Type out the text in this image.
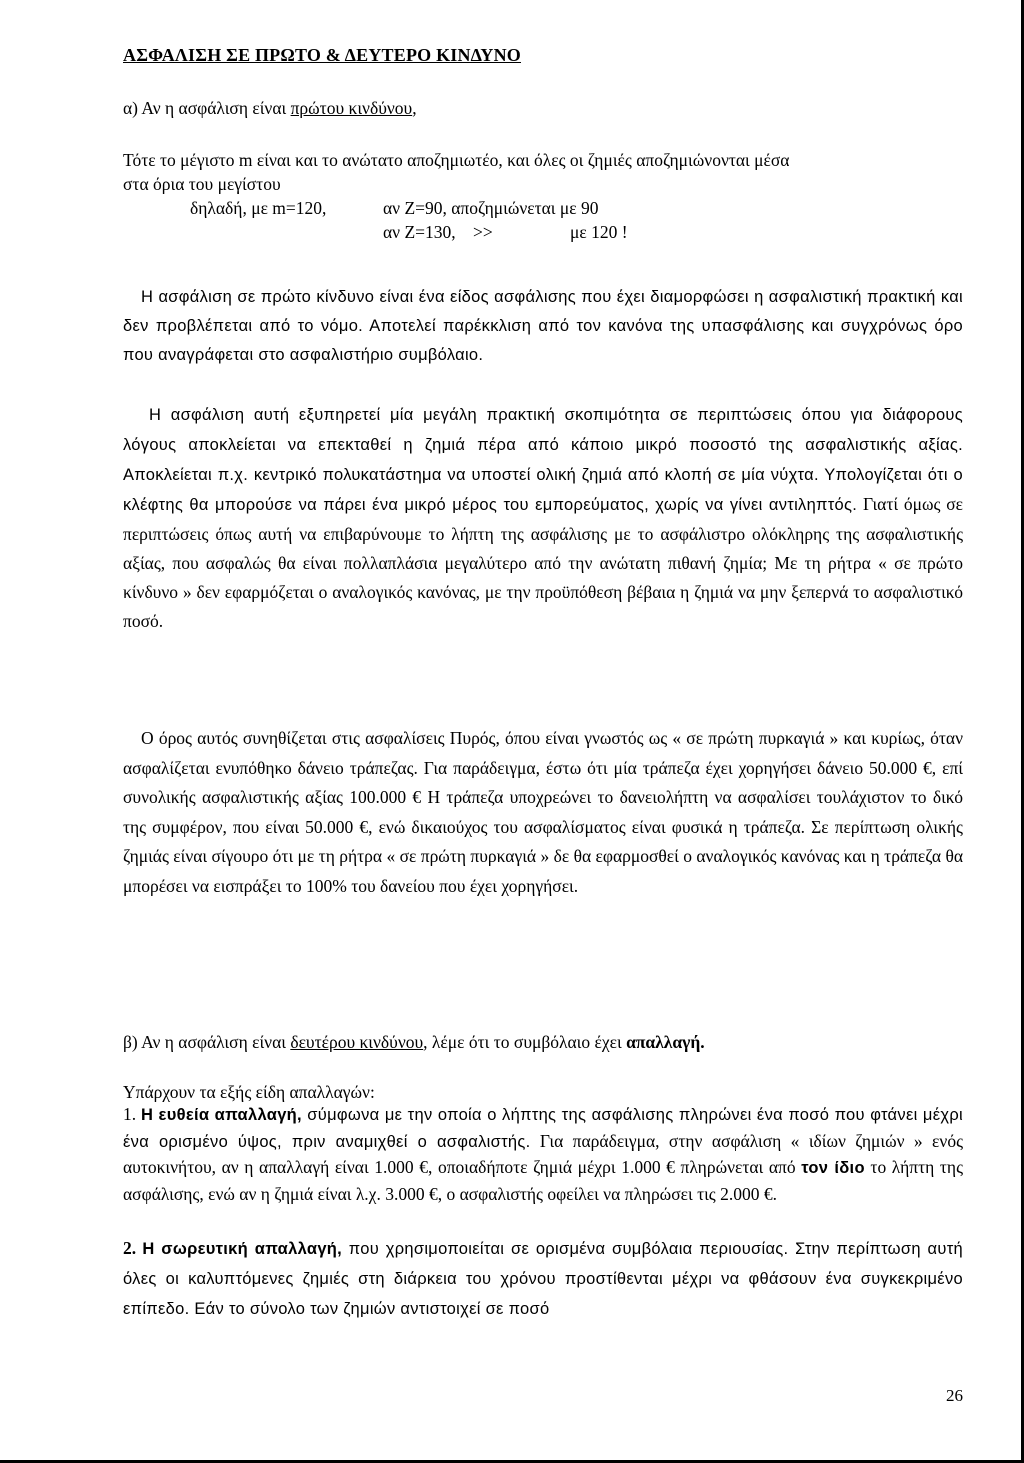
ΑΣΦΑΛΙΣΗ ΣΕ ΠΡΩΤΟ & ΔΕΥΤΕΡΟ ΚΙΝΔΥΝΟ
α) Αν η ασφάλιση είναι πρώτου κινδύνου,
Τότε το μέγιστο m είναι και το ανώτατο αποζημιωτέο, και όλες οι ζημιές αποζημιώνονται μέσα
στα όρια του μεγίστου
δηλαδή, με m=120,	αν Z=90, αποζημιώνεται με 90
αν Z=130, >>	με 120 !
Η ασφάλιση σε πρώτο κίνδυνο είναι ένα είδος ασφάλισης που έχει διαμορφώσει η ασφαλιστική πρακτική και δεν προβλέπεται από το νόμο. Αποτελεί παρέκκλιση από τον κανόνα της υπασφάλισης και συγχρόνως όρο που αναγράφεται στο ασφαλιστήριο συμβόλαιο.
Η ασφάλιση αυτή εξυπηρετεί μία μεγάλη πρακτική σκοπιμότητα σε περιπτώσεις όπου για διάφορους λόγους αποκλείεται να επεκταθεί η ζημιά πέρα από κάποιο μικρό ποσοστό της ασφαλιστικής αξίας. Αποκλείεται π.χ. κεντρικό πολυκατάστημα να υποστεί ολική ζημιά από κλοπή σε μία νύχτα. Υπολογίζεται ότι ο κλέφτης θα μπορούσε να πάρει ένα μικρό μέρος του εμπορεύματος, χωρίς να γίνει αντιληπτός. Γιατί όμως σε περιπτώσεις όπως αυτή να επιβαρύνουμε το λήπτη της ασφάλισης με το ασφάλιστρο ολόκληρης της ασφαλιστικής αξίας, που ασφαλώς θα είναι πολλαπλάσια μεγαλύτερο από την ανώτατη πιθανή ζημία; Με τη ρήτρα « σε πρώτο κίνδυνο » δεν εφαρμόζεται ο αναλογικός κανόνας, με την προϋπόθεση βέβαια η ζημιά να μην ξεπερνά το ασφαλιστικό ποσό.
Ο όρος αυτός συνηθίζεται στις ασφαλίσεις Πυρός, όπου είναι γνωστός ως « σε πρώτη πυρκαγιά » και κυρίως, όταν ασφαλίζεται ενυπόθηκο δάνειο τράπεζας. Για παράδειγμα, έστω ότι μία τράπεζα έχει χορηγήσει δάνειο 50.000 €, επί συνολικής ασφαλιστικής αξίας 100.000 € Η τράπεζα υποχρεώνει το δανειολήπτη να ασφαλίσει τουλάχιστον το δικό της συμφέρον, που είναι 50.000 €, ενώ δικαιούχος του ασφαλίσματος είναι φυσικά η τράπεζα. Σε περίπτωση ολικής ζημιάς είναι σίγουρο ότι με τη ρήτρα « σε πρώτη πυρκαγιά » δε θα εφαρμοσθεί ο αναλογικός κανόνας και η τράπεζα θα μπορέσει να εισπράξει το 100% του δανείου που έχει χορηγήσει.
β) Αν η ασφάλιση είναι δευτέρου κινδύνου, λέμε ότι το συμβόλαιο έχει απαλλαγή.
Υπάρχουν τα εξής είδη απαλλαγών:
1. Η ευθεία απαλλαγή, σύμφωνα με την οποία ο λήπτης της ασφάλισης πληρώνει ένα ποσό που φτάνει μέχρι ένα ορισμένο ύψος, πριν αναμιχθεί ο ασφαλιστής. Για παράδειγμα, στην ασφάλιση « ιδίων ζημιών » ενός αυτοκινήτου, αν η απαλλαγή είναι 1.000 €, οποιαδήποτε ζημιά μέχρι 1.000 € πληρώνεται από τον ίδιο το λήπτη της ασφάλισης, ενώ αν η ζημιά είναι λ.χ. 3.000 €, ο ασφαλιστής οφείλει να πληρώσει τις 2.000 €.
2. Η σωρευτική απαλλαγή, που χρησιμοποιείται σε ορισμένα συμβόλαια περιουσίας. Στην περίπτωση αυτή όλες οι καλυπτόμενες ζημιές στη διάρκεια του χρόνου προστίθενται μέχρι να φθάσουν ένα συγκεκριμένο επίπεδο. Εάν το σύνολο των ζημιών αντιστοιχεί σε ποσό
26
